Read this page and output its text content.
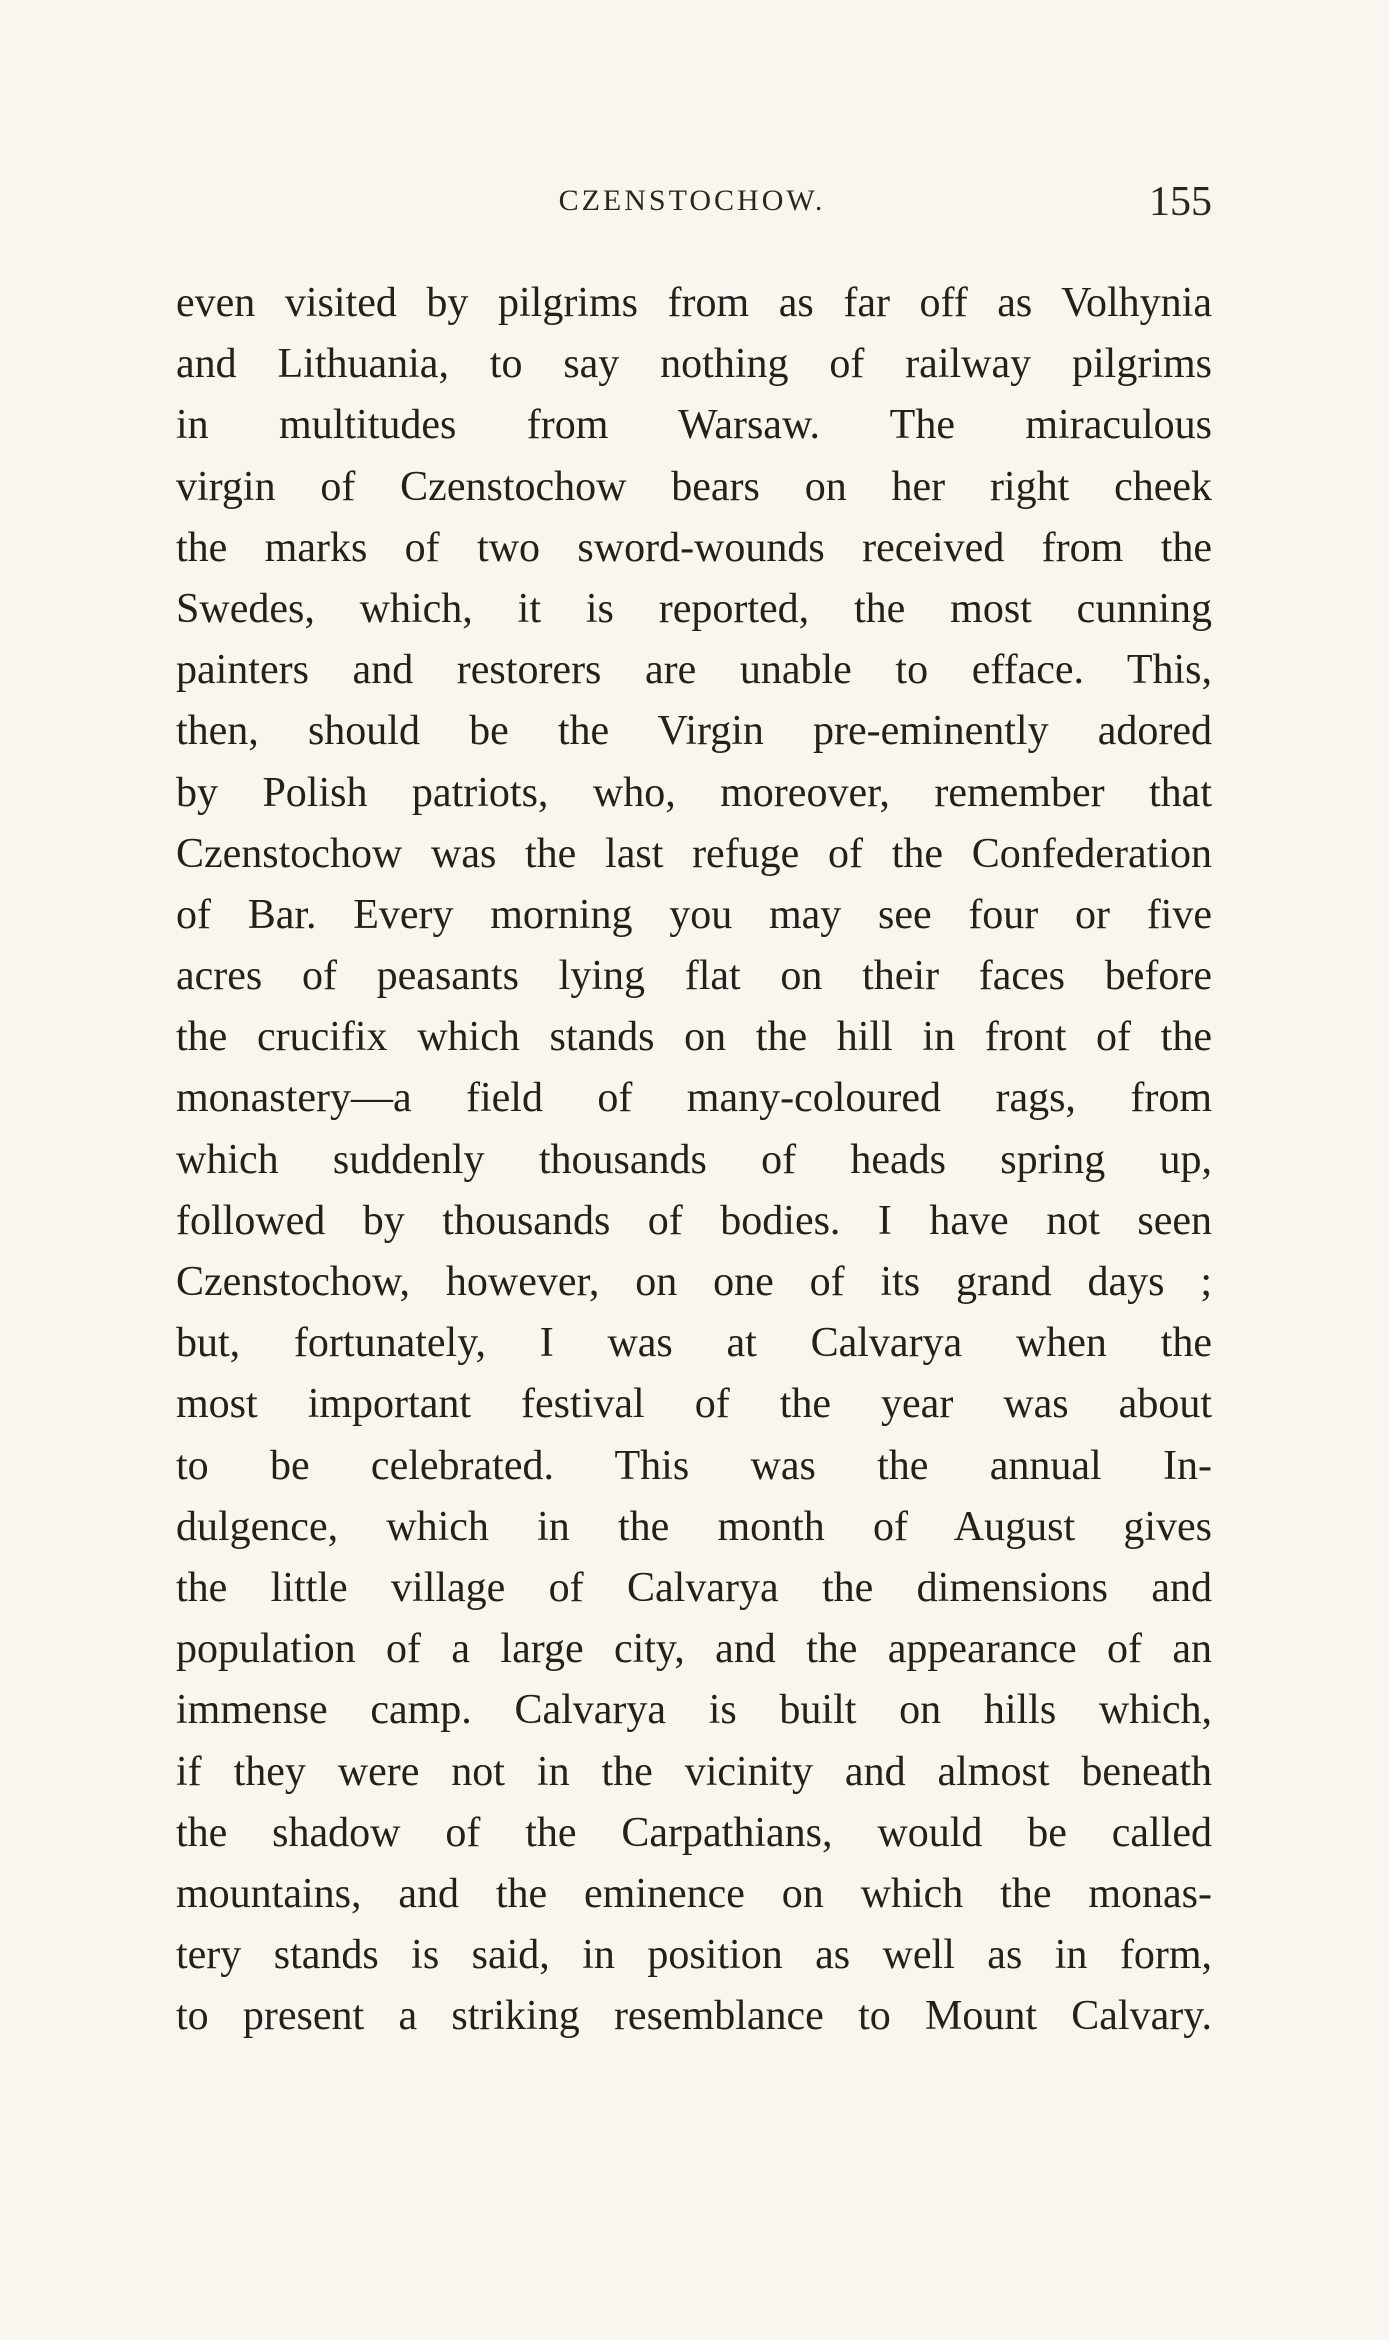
CZENSTOCHOW.	155
even visited by pilgrims from as far off as Volhynia
and Lithuania, to say nothing of railway pilgrims
in multitudes from Warsaw. The miraculous
virgin of Czenstochow bears on her right cheek
the marks of two sword-wounds received from the
Swedes, which, it is reported, the most cunning
painters and restorers are unable to efface. This,
then, should be the Virgin pre-eminently adored
by Polish patriots, who, moreover, remember that
Czenstochow was the last refuge of the Confederation
of Bar. Every morning you may see four or five
acres of peasants lying flat on their faces before
the crucifix which stands on the hill in front of the
monastery—a field of many-coloured rags, from
which suddenly thousands of heads spring up,
followed by thousands of bodies. I have not seen
Czenstochow, however, on one of its grand days ;
but, fortunately, I was at Calvarya when the
most important festival of the year was about
to be celebrated. This was the annual In-
dulgence, which in the month of August gives
the little village of Calvarya the dimensions and
population of a large city, and the appearance of an
immense camp. Calvarya is built on hills which,
if they were not in the vicinity and almost beneath
the shadow of the Carpathians, would be called
mountains, and the eminence on which the monas-
tery stands is said, in position as well as in form,
to present a striking resemblance to Mount Calvary.
